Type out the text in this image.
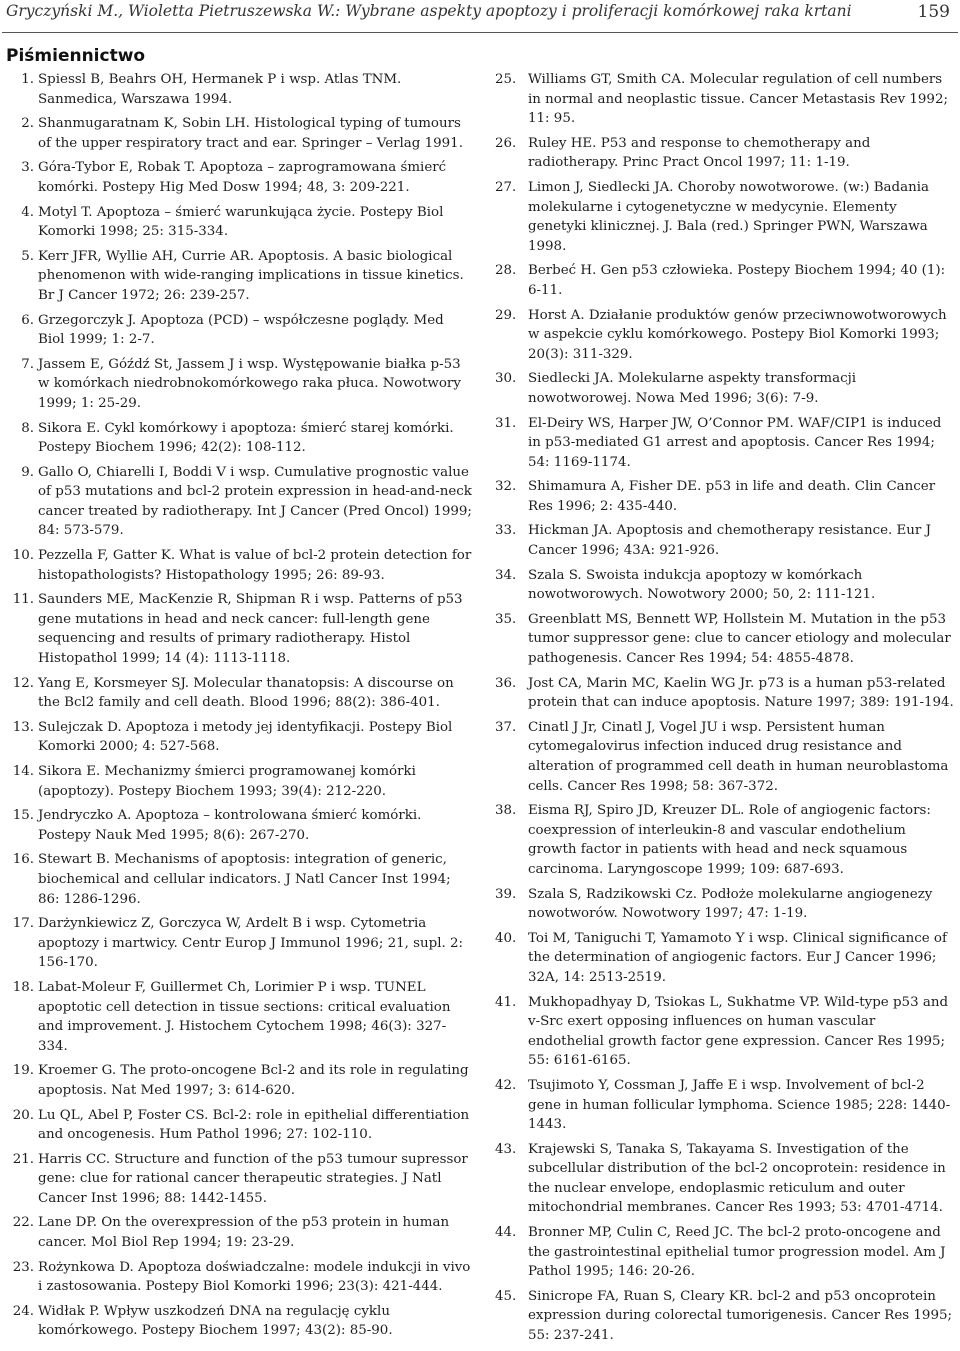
Gryczyński M., Wioletta Pietruszewska W.: Wybrane aspekty apoptozy i proliferacji komórkowej raka krtani	159
Piśmiennictwo
1. Spiessl B, Beahrs OH, Hermanek P i wsp. Atlas TNM. Sanmedica, Warszawa 1994.
2. Shanmugaratnam K, Sobin LH. Histological typing of tumours of the upper respiratory tract and ear. Springer – Verlag 1991.
3. Góra-Tybor E, Robak T. Apoptoza – zaprogramowana śmierć komórki. Postepy Hig Med Dosw 1994; 48, 3: 209-221.
4. Motyl T. Apoptoza – śmierć warunkująca życie. Postepy Biol Komorki 1998; 25: 315-334.
5. Kerr JFR, Wyllie AH, Currie AR. Apoptosis. A basic biological phenomenon with wide-ranging implications in tissue kinetics. Br J Cancer 1972; 26: 239-257.
6. Grzegorczyk J. Apoptoza (PCD) – współczesne poglądy. Med Biol 1999; 1: 2-7.
7. Jassem E, Góźdź St, Jassem J i wsp. Występowanie białka p-53 w komórkach niedrobnokomórkowego raka płuca. Nowotwory 1999; 1: 25-29.
8. Sikora E. Cykl komórkowy i apoptoza: śmierć starej komórki. Postepy Biochem 1996; 42(2): 108-112.
9. Gallo O, Chiarelli I, Boddi V i wsp. Cumulative prognostic value of p53 mutations and bcl-2 protein expression in head-and-neck cancer treated by radiotherapy. Int J Cancer (Pred Oncol) 1999; 84: 573-579.
10. Pezzella F, Gatter K. What is value of bcl-2 protein detection for histopathologists? Histopathology 1995; 26: 89-93.
11. Saunders ME, MacKenzie R, Shipman R i wsp. Patterns of p53 gene mutations in head and neck cancer: full-length gene sequencing and results of primary radiotherapy. Histol Histopathol 1999; 14 (4): 1113-1118.
12. Yang E, Korsmeyer SJ. Molecular thanatopsis: A discourse on the Bcl2 family and cell death. Blood 1996; 88(2): 386-401.
13. Sulejczak D. Apoptoza i metody jej identyfikacji. Postepy Biol Komorki 2000; 4: 527-568.
14. Sikora E. Mechanizmy śmierci programowanej komórki (apoptozy). Postepy Biochem 1993; 39(4): 212-220.
15. Jendryczko A. Apoptoza – kontrolowana śmierć komórki. Postepy Nauk Med 1995; 8(6): 267-270.
16. Stewart B. Mechanisms of apoptosis: integration of generic, biochemical and cellular indicators. J Natl Cancer Inst 1994; 86: 1286-1296.
17. Darżynkiewicz Z, Gorczyca W, Ardelt B i wsp. Cytometria apoptozy i martwicy. Centr Europ J Immunol 1996; 21, supl. 2: 156-170.
18. Labat-Moleur F, Guillermet Ch, Lorimier P i wsp. TUNEL apoptotic cell detection in tissue sections: critical evaluation and improvement. J. Histochem Cytochem 1998; 46(3): 327-334.
19. Kroemer G. The proto-oncogene Bcl-2 and its role in regulating apoptosis. Nat Med 1997; 3: 614-620.
20. Lu QL, Abel P, Foster CS. Bcl-2: role in epithelial differentiation and oncogenesis. Hum Pathol 1996; 27: 102-110.
21. Harris CC. Structure and function of the p53 tumour supressor gene: clue for rational cancer therapeutic strategies. J Natl Cancer Inst 1996; 88: 1442-1455.
22. Lane DP. On the overexpression of the p53 protein in human cancer. Mol Biol Rep 1994; 19: 23-29.
23. Rożynkowa D. Apoptoza doświadczalne: modele indukcji in vivo i zastosowania. Postepy Biol Komorki 1996; 23(3): 421-444.
24. Widłak P. Wpływ uszkodzeń DNA na regulację cyklu komórkowego. Postepy Biochem 1997; 43(2): 85-90.
25. Williams GT, Smith CA. Molecular regulation of cell numbers in normal and neoplastic tissue. Cancer Metastasis Rev 1992; 11: 95.
26. Ruley HE. P53 and response to chemotherapy and radiotherapy. Princ Pract Oncol 1997; 11: 1-19.
27. Limon J, Siedlecki JA. Choroby nowotworowe. (w:) Badania molekularne i cytogenetyczne w medycynie. Elementy genetyki klinicznej. J. Bala (red.) Springer PWN, Warszawa 1998.
28. Berbeć H. Gen p53 człowieka. Postepy Biochem 1994; 40 (1): 6-11.
29. Horst A. Działanie produktów genów przeciwnowotworowych w aspekcie cyklu komórkowego. Postepy Biol Komorki 1993; 20(3): 311-329.
30. Siedlecki JA. Molekularne aspekty transformacji nowotworowej. Nowa Med 1996; 3(6): 7-9.
31. El-Deiry WS, Harper JW, O’Connor PM. WAF/CIP1 is induced in p53-mediated G1 arrest and apoptosis. Cancer Res 1994; 54: 1169-1174.
32. Shimamura A, Fisher DE. p53 in life and death. Clin Cancer Res 1996; 2: 435-440.
33. Hickman JA. Apoptosis and chemotherapy resistance. Eur J Cancer 1996; 43A: 921-926.
34. Szala S. Swoista indukcja apoptozy w komórkach nowotworowych. Nowotwory 2000; 50, 2: 111-121.
35. Greenblatt MS, Bennett WP, Hollstein M. Mutation in the p53 tumor suppressor gene: clue to cancer etiology and molecular pathogenesis. Cancer Res 1994; 54: 4855-4878.
36. Jost CA, Marin MC, Kaelin WG Jr. p73 is a human p53-related protein that can induce apoptosis. Nature 1997; 389: 191-194.
37. Cinatl J Jr, Cinatl J, Vogel JU i wsp. Persistent human cytomegalovirus infection induced drug resistance and alteration of programmed cell death in human neuroblastoma cells. Cancer Res 1998; 58: 367-372.
38. Eisma RJ, Spiro JD, Kreuzer DL. Role of angiogenic factors: coexpression of interleukin-8 and vascular endothelium growth factor in patients with head and neck squamous carcinoma. Laryngoscope 1999; 109: 687-693.
39. Szala S, Radzikowski Cz. Podłoże molekularne angiogenezy nowotworów. Nowotwory 1997; 47: 1-19.
40. Toi M, Taniguchi T, Yamamoto Y i wsp. Clinical significance of the determination of angiogenic factors. Eur J Cancer 1996; 32A, 14: 2513-2519.
41. Mukhopadhyay D, Tsiokas L, Sukhatme VP. Wild-type p53 and v-Src exert opposing influences on human vascular endothelial growth factor gene expression. Cancer Res 1995; 55: 6161-6165.
42. Tsujimoto Y, Cossman J, Jaffe E i wsp. Involvement of bcl-2 gene in human follicular lymphoma. Science 1985; 228: 1440-1443.
43. Krajewski S, Tanaka S, Takayama S. Investigation of the subcellular distribution of the bcl-2 oncoprotein: residence in the nuclear envelope, endoplasmic reticulum and outer mitochondrial membranes. Cancer Res 1993; 53: 4701-4714.
44. Bronner MP, Culin C, Reed JC. The bcl-2 proto-oncogene and the gastrointestinal epithelial tumor progression model. Am J Pathol 1995; 146: 20-26.
45. Sinicrope FA, Ruan S, Cleary KR. bcl-2 and p53 oncoprotein expression during colorectal tumorigenesis. Cancer Res 1995; 55: 237-241.
